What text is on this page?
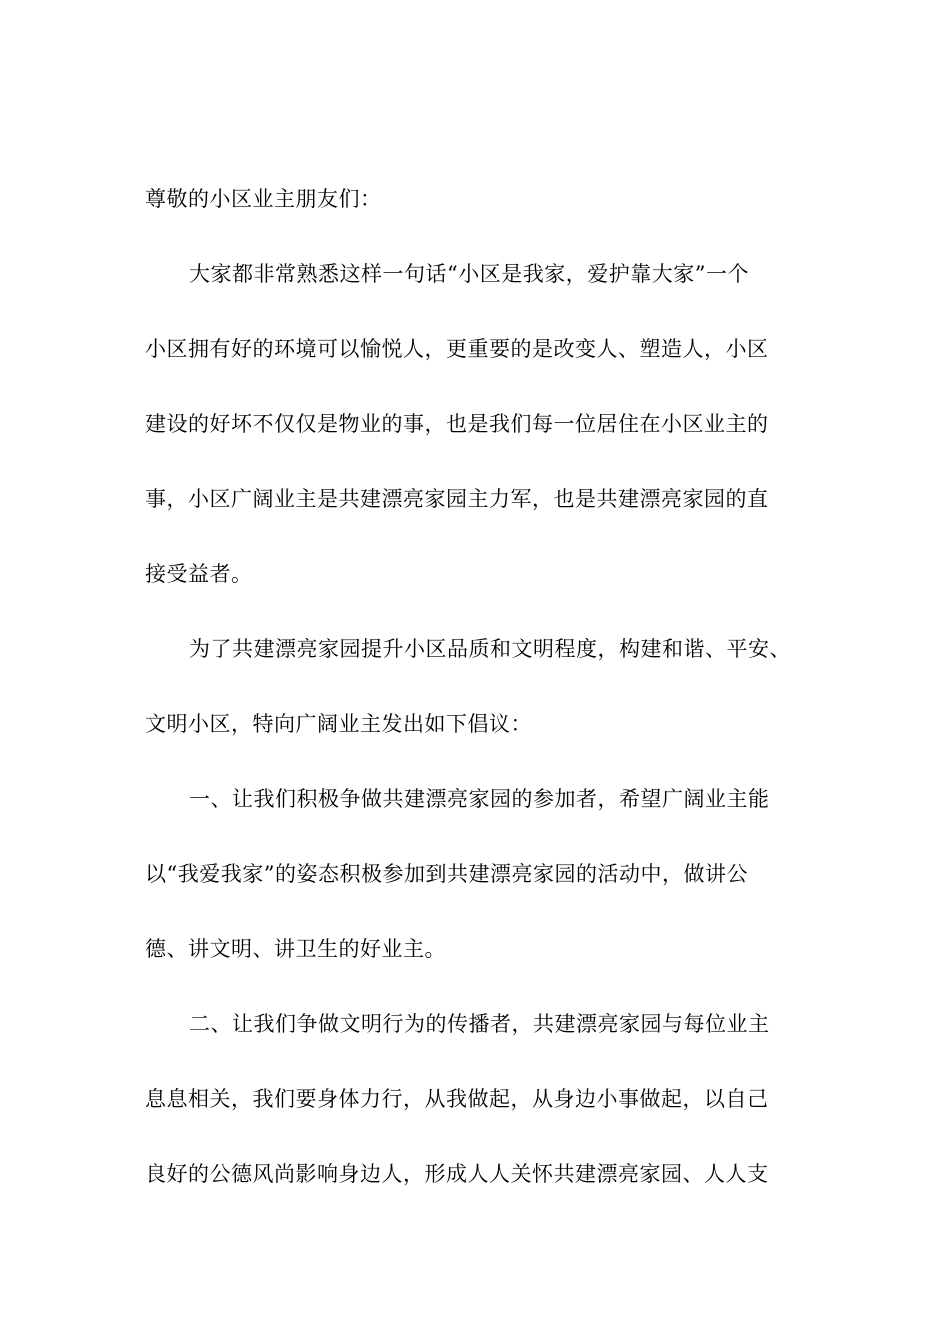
尊敬的小区业主朋友们：
大家都非常熟悉这样一句话“小区是我家，爱护靠大家”一个
小区拥有好的环境可以愉悦人，更重要的是改变人、塑造人，小区
建设的好坏不仅仅是物业的事，也是我们每一位居住在小区业主的
事，小区广阔业主是共建漂亮家园主力军，也是共建漂亮家园的直
接受益者。
为了共建漂亮家园提升小区品质和文明程度，构建和谐、平安、
文明小区，特向广阔业主发出如下倡议：
一、让我们积极争做共建漂亮家园的参加者，希望广阔业主能
以“我爱我家”的姿态积极参加到共建漂亮家园的活动中，做讲公
德、讲文明、讲卫生的好业主。
二、让我们争做文明行为的传播者，共建漂亮家园与每位业主
息息相关，我们要身体力行，从我做起，从身边小事做起，以自己
良好的公德风尚影响身边人，形成人人关怀共建漂亮家园、人人支
